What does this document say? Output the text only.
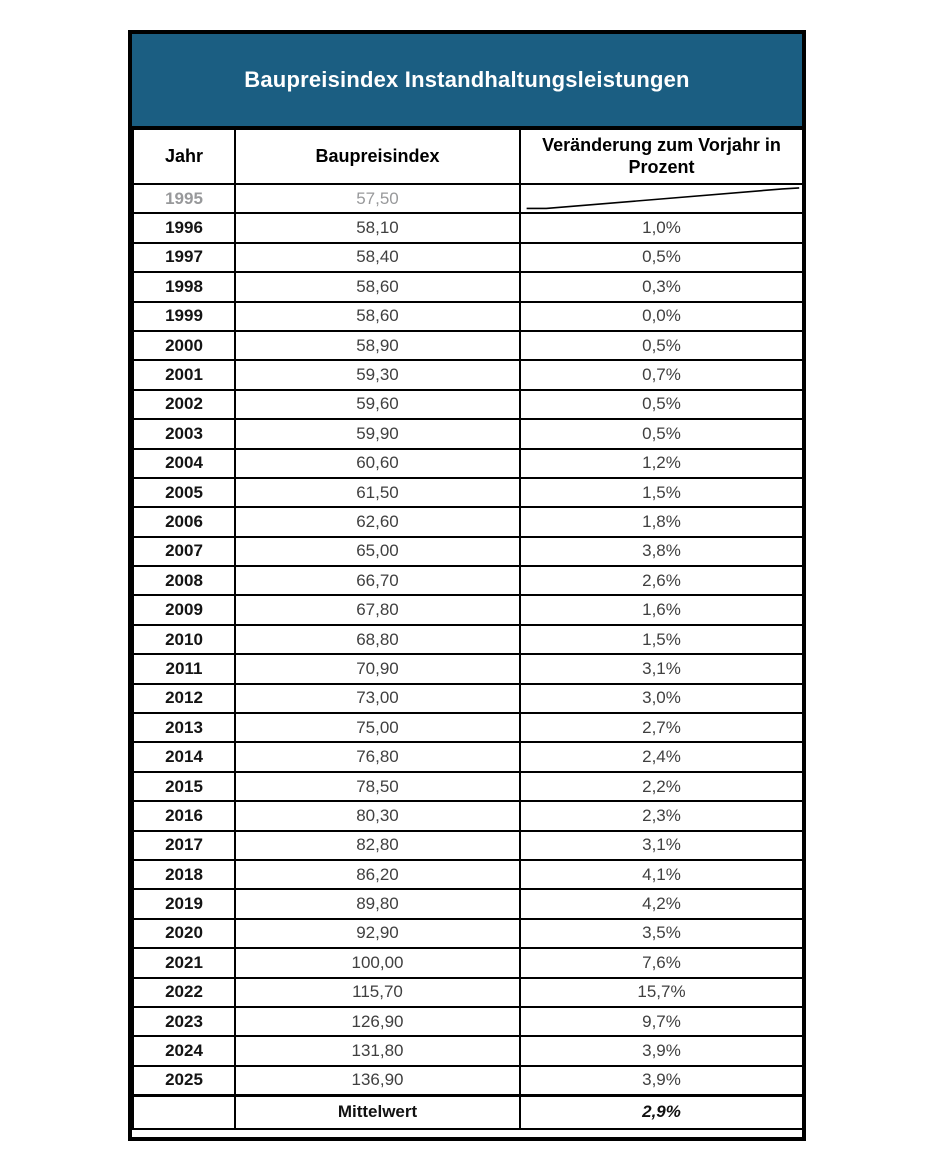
Baupreisindex Instandhaltungsleistungen
Jahr	Baupreisindex	Veränderung zum Vorjahr in Prozent
1995	57,50	

1996	58,10	1,0%
1997	58,40	0,5%
1998	58,60	0,3%
1999	58,60	0,0%
2000	58,90	0,5%
2001	59,30	0,7%
2002	59,60	0,5%
2003	59,90	0,5%
2004	60,60	1,2%
2005	61,50	1,5%
2006	62,60	1,8%
2007	65,00	3,8%
2008	66,70	2,6%
2009	67,80	1,6%
2010	68,80	1,5%
2011	70,90	3,1%
2012	73,00	3,0%
2013	75,00	2,7%
2014	76,80	2,4%
2015	78,50	2,2%
2016	80,30	2,3%
2017	82,80	3,1%
2018	86,20	4,1%
2019	89,80	4,2%
2020	92,90	3,5%
2021	100,00	7,6%
2022	115,70	15,7%
2023	126,90	9,7%
2024	131,80	3,9%
2025	136,90	3,9%
	Mittelwert	2,9%
